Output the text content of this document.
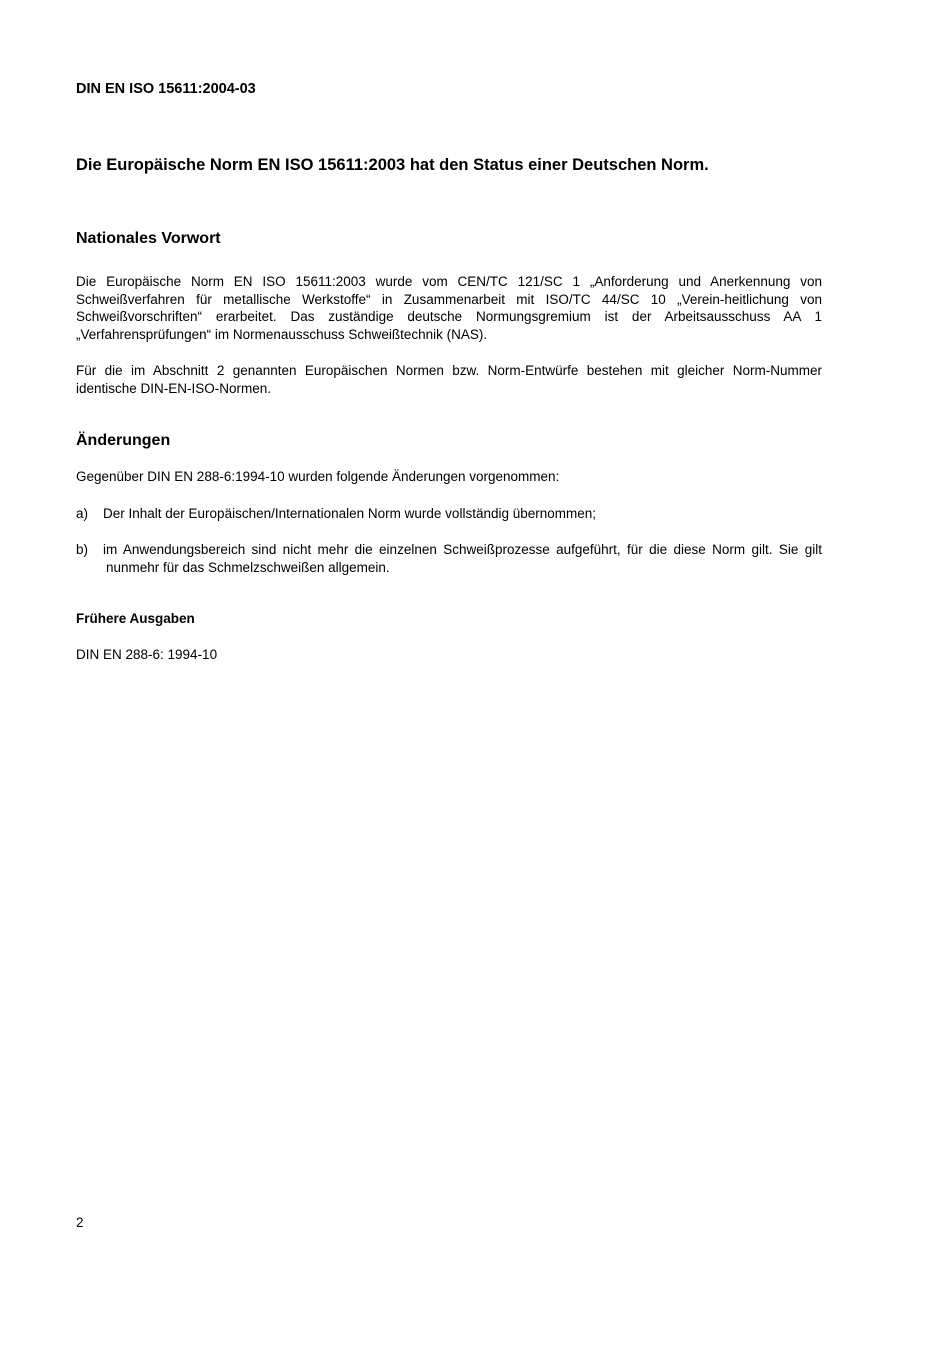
DIN EN ISO 15611:2004-03

Die Europäische Norm EN ISO 15611:2003 hat den Status einer Deutschen Norm.

Nationales Vorwort

Die Europäische Norm EN ISO 15611:2003 wurde vom CEN/TC 121/SC 1 „Anforderung und Anerkennung von Schweißverfahren für metallische Werkstoffe“ in Zusammenarbeit mit ISO/TC 44/SC 10 „Verein-heitlichung von Schweißvorschriften“ erarbeitet. Das zuständige deutsche Normungsgremium ist der Arbeitsausschuss AA 1 „Verfahrensprüfungen“ im Normenausschuss Schweißtechnik (NAS).

Für die im Abschnitt 2 genannten Europäischen Normen bzw. Norm-Entwürfe bestehen mit gleicher Norm-Nummer identische DIN-EN-ISO-Normen.

Änderungen

Gegenüber DIN EN 288-6:1994-10 wurden folgende Änderungen vorgenommen:

a) Der Inhalt der Europäischen/Internationalen Norm wurde vollständig übernommen;
b) im Anwendungsbereich sind nicht mehr die einzelnen Schweißprozesse aufgeführt, für die diese Norm gilt. Sie gilt nunmehr für das Schmelzschweißen allgemein.
Frühere Ausgaben

DIN EN 288-6: 1994-10

2
